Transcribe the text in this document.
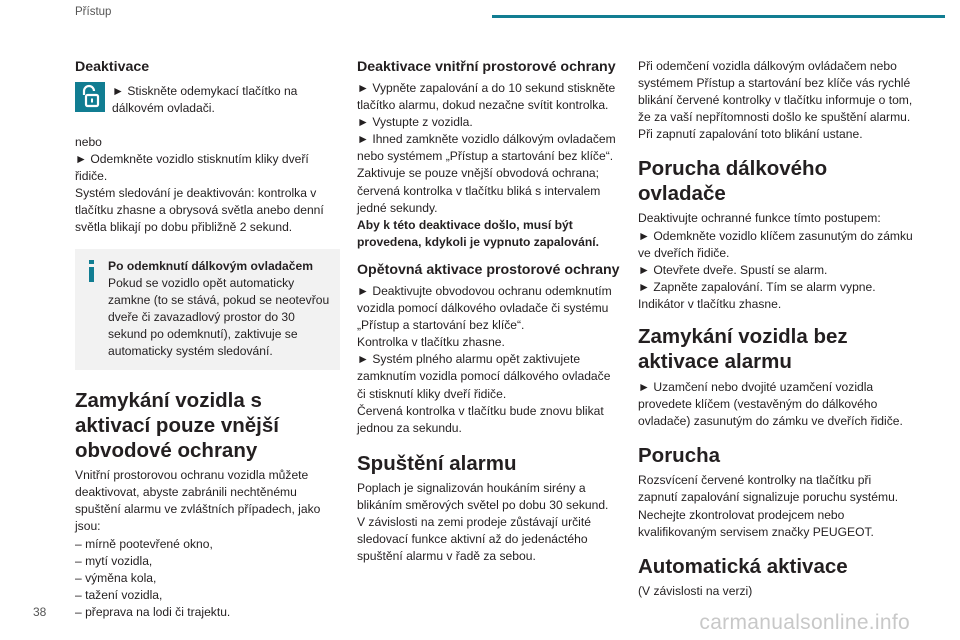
Přístup
Deaktivace
► Stiskněte odemykací tlačítko na dálkovém ovladači.

nebo

► Odemkněte vozidlo stisknutím kliky dveří řidiče.

Systém sledování je deaktivován: kontrolka v tlačítku zhasne a obrysová světla anebo denní světla blikají po dobu přibližně 2 sekund.

Po odemknutí dálkovým ovladačem

Pokud se vozidlo opět automaticky zamkne (to se stává, pokud se neotevřou dveře či zavazadlový prostor do 30 sekund po odemknutí), zaktivuje se automaticky systém sledování.

Zamykání vozidla s aktivací pouze vnější obvodové ochrany

Vnitřní prostorovou ochranu vozidla můžete deaktivovat, abyste zabránili nechtěnému spuštění alarmu ve zvláštních případech, jako jsou:

– mírně pootevřené okno,

– mytí vozidla,

– výměna kola,

– tažení vozidla,

– přeprava na lodi či trajektu.

Deaktivace vnitřní prostorové ochrany

► Vypněte zapalování a do 10 sekund stiskněte tlačítko alarmu, dokud nezačne svítit kontrolka.

► Vystupte z vozidla.

► Ihned zamkněte vozidlo dálkovým ovladačem nebo systémem „Přístup a startování bez klíče“.

Zaktivuje se pouze vnější obvodová ochrana; červená kontrolka v tlačítku bliká s intervalem jedné sekundy.

Aby k této deaktivace došlo, musí být provedena, kdykoli je vypnuto zapalování.

Opětovná aktivace prostorové ochrany

► Deaktivujte obvodovou ochranu odemknutím vozidla pomocí dálkového ovladače či systému „Přístup a startování bez klíče“.

Kontrolka v tlačítku zhasne.

► Systém plného alarmu opět zaktivujete zamknutím vozidla pomocí dálkového ovladače či stisknutí kliky dveří řidiče.

Červená kontrolka v tlačítku bude znovu blikat jednou za sekundu.

Spuštění alarmu

Poplach je signalizován houkáním sirény a blikáním směrových světel po dobu 30 sekund.

V závislosti na zemi prodeje zůstávají určité sledovací funkce aktivní až do jedenáctého spuštění alarmu v řadě za sebou.

Při odemčení vozidla dálkovým ovládačem nebo systémem Přístup a startování bez klíče vás rychlé blikání červené kontrolky v tlačítku informuje o tom, že za vaší nepřítomnosti došlo ke spuštění alarmu. Při zapnutí zapalování toto blikání ustane.

Porucha dálkového ovladače

Deaktivujte ochranné funkce tímto postupem:

► Odemkněte vozidlo klíčem zasunutým do zámku ve dveřích řidiče.

► Otevřete dveře. Spustí se alarm.

► Zapněte zapalování. Tím se alarm vypne.

Indikátor v tlačítku zhasne.

Zamykání vozidla bez aktivace alarmu

► Uzamčení nebo dvojité uzamčení vozidla provedete klíčem (vestavěným do dálkového ovladače) zasunutým do zámku ve dveřích řidiče.

Porucha

Rozsvícení červené kontrolky na tlačítku při zapnutí zapalování signalizuje poruchu systému.

Nechejte zkontrolovat prodejcem nebo kvalifikovaným servisem značky PEUGEOT.

Automatická aktivace

(V závislosti na verzi)

38	carmanualsonline.info
